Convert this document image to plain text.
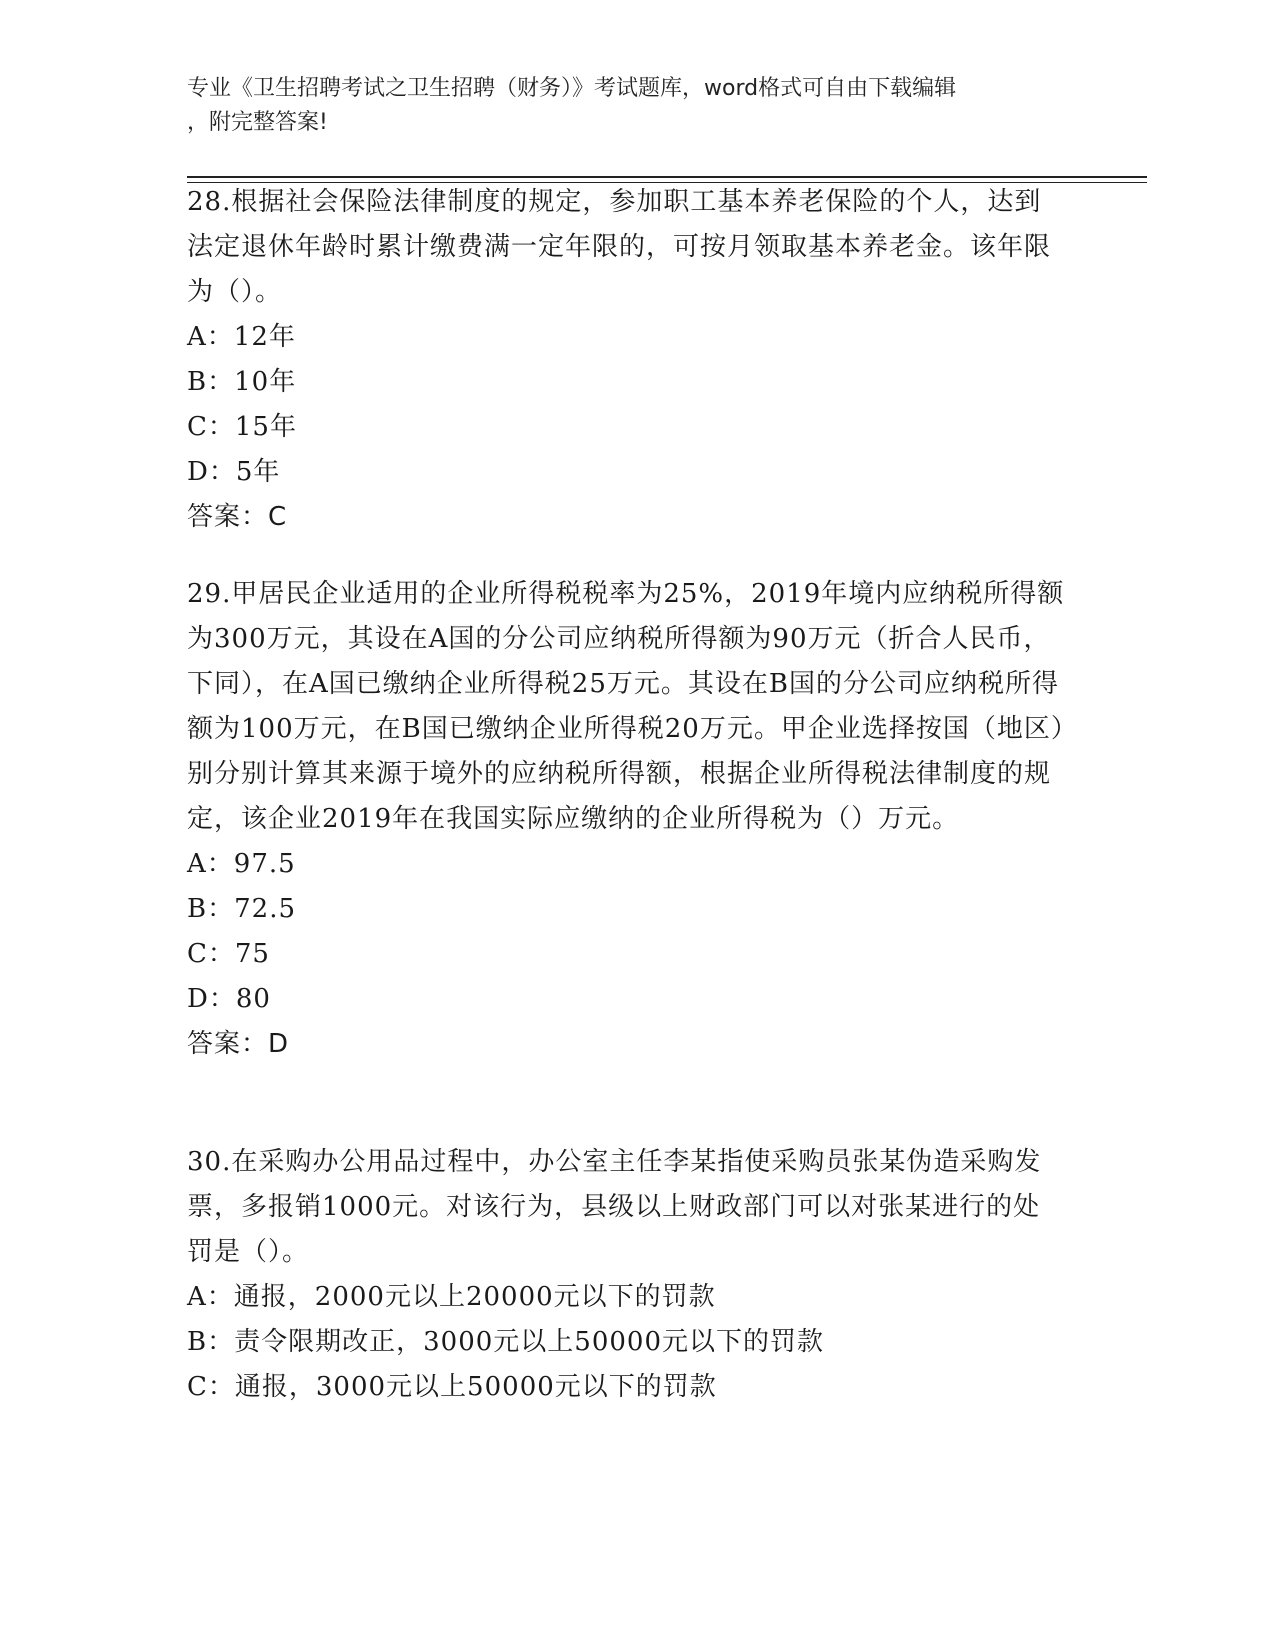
专业《卫生招聘考试之卫生招聘（财务）》考试题库，word格式可自由下载编辑
，附完整答案!
28.根据社会保险法律制度的规定，参加职工基本养老保险的个人，达到法定退休年龄时累计缴费满一定年限的，可按月领取基本养老金。该年限为（）。
A：12年
B：10年
C：15年
D：5年
答案：C
29.甲居民企业适用的企业所得税税率为25%，2019年境内应纳税所得额为300万元，其设在A国的分公司应纳税所得额为90万元（折合人民币，下同），在A国已缴纳企业所得税25万元。其设在B国的分公司应纳税所得额为100万元，在B国已缴纳企业所得税20万元。甲企业选择按国（地区）别分别计算其来源于境外的应纳税所得额，根据企业所得税法律制度的规定，该企业2019年在我国实际应缴纳的企业所得税为（）万元。
A：97.5
B：72.5
C：75
D：80
答案：D
30.在采购办公用品过程中，办公室主任李某指使采购员张某伪造采购发票，多报销1000元。对该行为，县级以上财政部门可以对张某进行的处罚是（）。
A：通报，2000元以上20000元以下的罚款
B：责令限期改正，3000元以上50000元以下的罚款
C：通报，3000元以上50000元以下的罚款
